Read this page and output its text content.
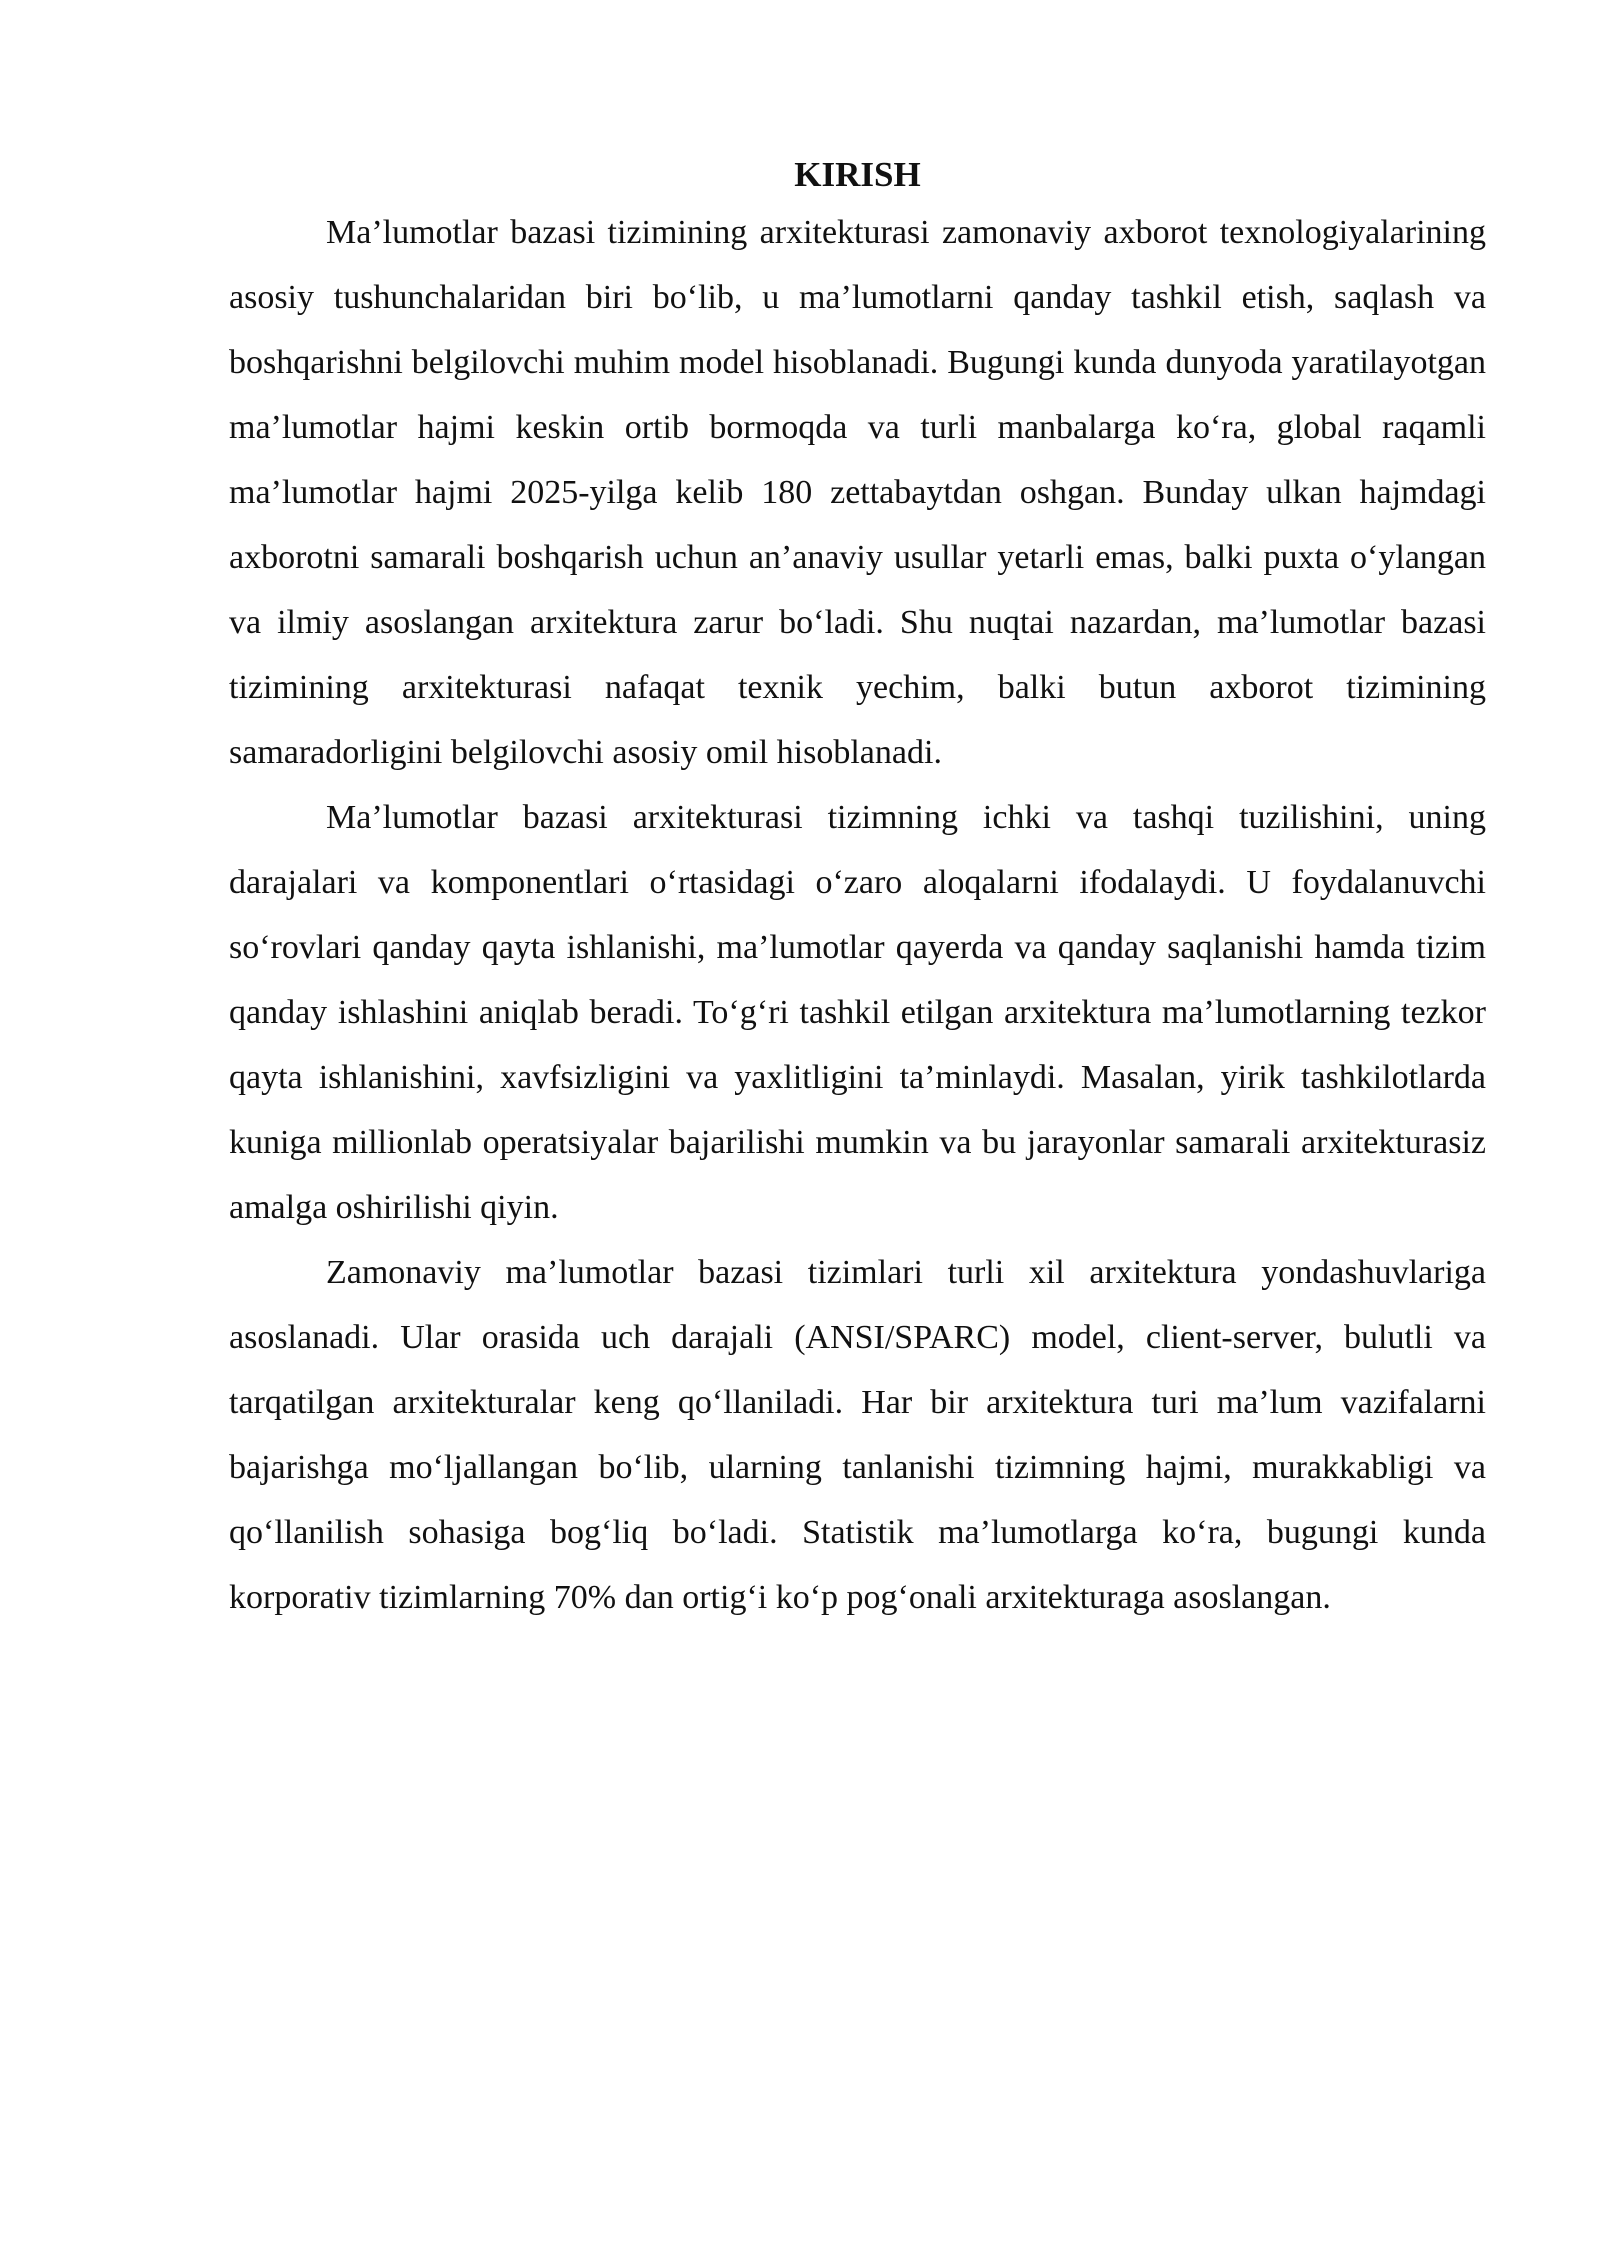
KIRISH

Ma’lumotlar bazasi tizimining arxitekturasi zamonaviy axborot texnologiyalarining asosiy tushunchalaridan biri bo‘lib, u ma’lumotlarni qanday tashkil etish, saqlash va boshqarishni belgilovchi muhim model hisoblanadi. Bugungi kunda dunyoda yaratilayotgan ma’lumotlar hajmi keskin ortib bormoqda va turli manbalarga ko‘ra, global raqamli ma’lumotlar hajmi 2025-yilga kelib 180 zettabaytdan oshgan. Bunday ulkan hajmdagi axborotni samarali boshqarish uchun an’anaviy usullar yetarli emas, balki puxta o‘ylangan va ilmiy asoslangan arxitektura zarur bo‘ladi. Shu nuqtai nazardan, ma’lumotlar bazasi tizimining arxitekturasi nafaqat texnik yechim, balki butun axborot tizimining samaradorligini belgilovchi asosiy omil hisoblanadi.

Ma’lumotlar bazasi arxitekturasi tizimning ichki va tashqi tuzilishini, uning darajalari va komponentlari o‘rtasidagi o‘zaro aloqalarni ifodalaydi. U foydalanuvchi so‘rovlari qanday qayta ishlanishi, ma’lumotlar qayerda va qanday saqlanishi hamda tizim qanday ishlashini aniqlab beradi. To‘g‘ri tashkil etilgan arxitektura ma’lumotlarning tezkor qayta ishlanishini, xavfsizligini va yaxlitligini ta’minlaydi. Masalan, yirik tashkilotlarda kuniga millionlab operatsiyalar bajarilishi mumkin va bu jarayonlar samarali arxitekturasiz amalga oshirilishi qiyin.

Zamonaviy ma’lumotlar bazasi tizimlari turli xil arxitektura yondashuvlariga asoslanadi. Ular orasida uch darajali (ANSI/SPARC) model, client-server, bulutli va tarqatilgan arxitekturalar keng qo‘llaniladi. Har bir arxitektura turi ma’lum vazifalarni bajarishga mo‘ljallangan bo‘lib, ularning tanlanishi tizimning hajmi, murakkabligi va qo‘llanilish sohasiga bog‘liq bo‘ladi. Statistik ma’lumotlarga ko‘ra, bugungi kunda korporativ tizimlarning 70% dan ortig‘i ko‘p pog‘onali arxitekturaga asoslangan.
